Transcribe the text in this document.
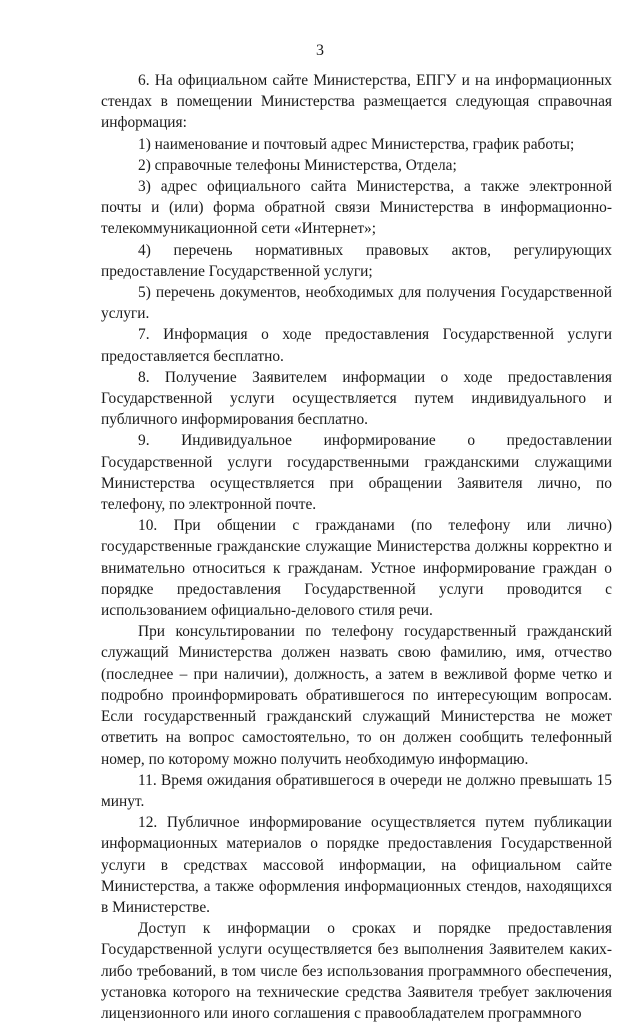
3

6. На официальном сайте Министерства, ЕПГУ и на информационных стендах в помещении Министерства размещается следующая справочная информация:

1) наименование и почтовый адрес Министерства, график работы;

2) справочные телефоны Министерства, Отдела;

3) адрес официального сайта Министерства, а также электронной почты и (или) форма обратной связи Министерства в информационно-телекоммуникационной сети «Интернет»;

4) перечень нормативных правовых актов, регулирующих предоставление Государственной услуги;

5) перечень документов, необходимых для получения Государственной услуги.

7. Информация о ходе предоставления Государственной услуги предоставляется бесплатно.

8. Получение Заявителем информации о ходе предоставления Государственной услуги осуществляется путем индивидуального и публичного информирования бесплатно.

9. Индивидуальное информирование о предоставлении Государственной услуги государственными гражданскими служащими Министерства осуществляется при обращении Заявителя лично, по телефону, по электронной почте.

10. При общении с гражданами (по телефону или лично) государственные гражданские служащие Министерства должны корректно и внимательно относиться к гражданам. Устное информирование граждан о порядке предоставления Государственной услуги проводится с использованием официально-делового стиля речи.

При консультировании по телефону государственный гражданский служащий Министерства должен назвать свою фамилию, имя, отчество (последнее – при наличии), должность, а затем в вежливой форме четко и подробно проинформировать обратившегося по интересующим вопросам. Если государственный гражданский служащий Министерства не может ответить на вопрос самостоятельно, то он должен сообщить телефонный номер, по которому можно получить необходимую информацию.

11. Время ожидания обратившегося в очереди не должно превышать 15 минут.

12. Публичное информирование осуществляется путем публикации информационных материалов о порядке предоставления Государственной услуги в средствах массовой информации, на официальном сайте Министерства, а также оформления информационных стендов, находящихся в Министерстве.

Доступ к информации о сроках и порядке предоставления Государственной услуги осуществляется без выполнения Заявителем каких-либо требований, в том числе без использования программного обеспечения, установка которого на технические средства Заявителя требует заключения лицензионного или иного соглашения с правообладателем программного
